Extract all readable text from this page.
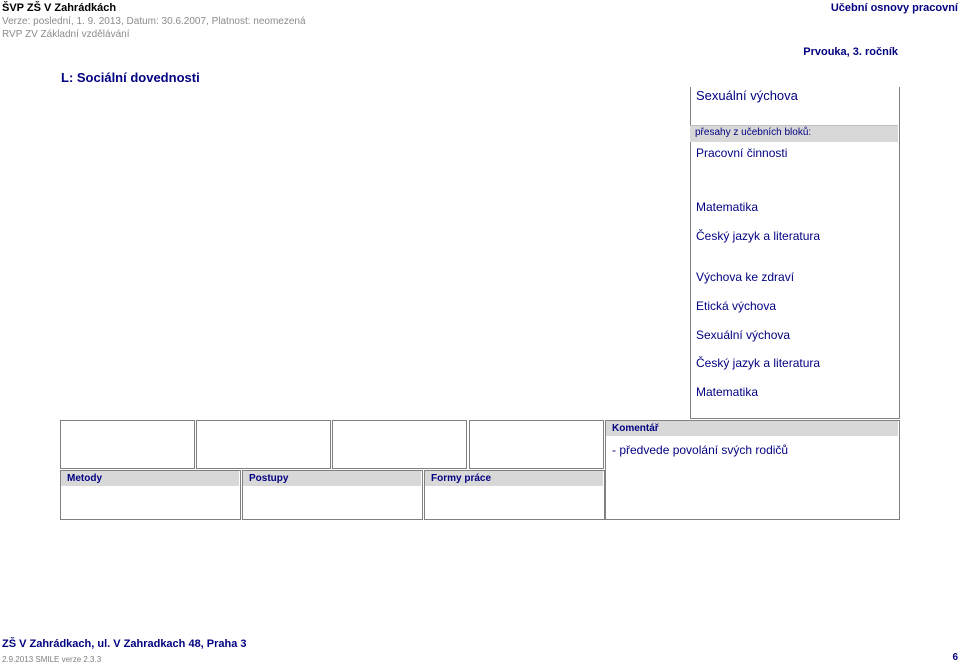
ŠVP ZŠ V Zahrádkách
Verze: poslední, 1. 9. 2013, Datum: 30.6.2007, Platnost: neomezená
RVP ZV Základní vzdělávání
Učební osnovy pracovní
Prvouka, 3. ročník
L: Sociální dovednosti
Sexuální výchova
přesahy z učebních bloků:
Pracovní činnosti
Matematika
Český jazyk a literatura
Výchova ke zdraví
Etická výchova
Sexuální výchova
Český jazyk a literatura
Matematika
Komentář
- předvede povolání svých rodičů
Metody	Postupy	Formy práce
ZŠ V Zahrádkach, ul. V Zahradkach 48, Praha 3
2.9.2013 SMILE verze 2.3.3	6
